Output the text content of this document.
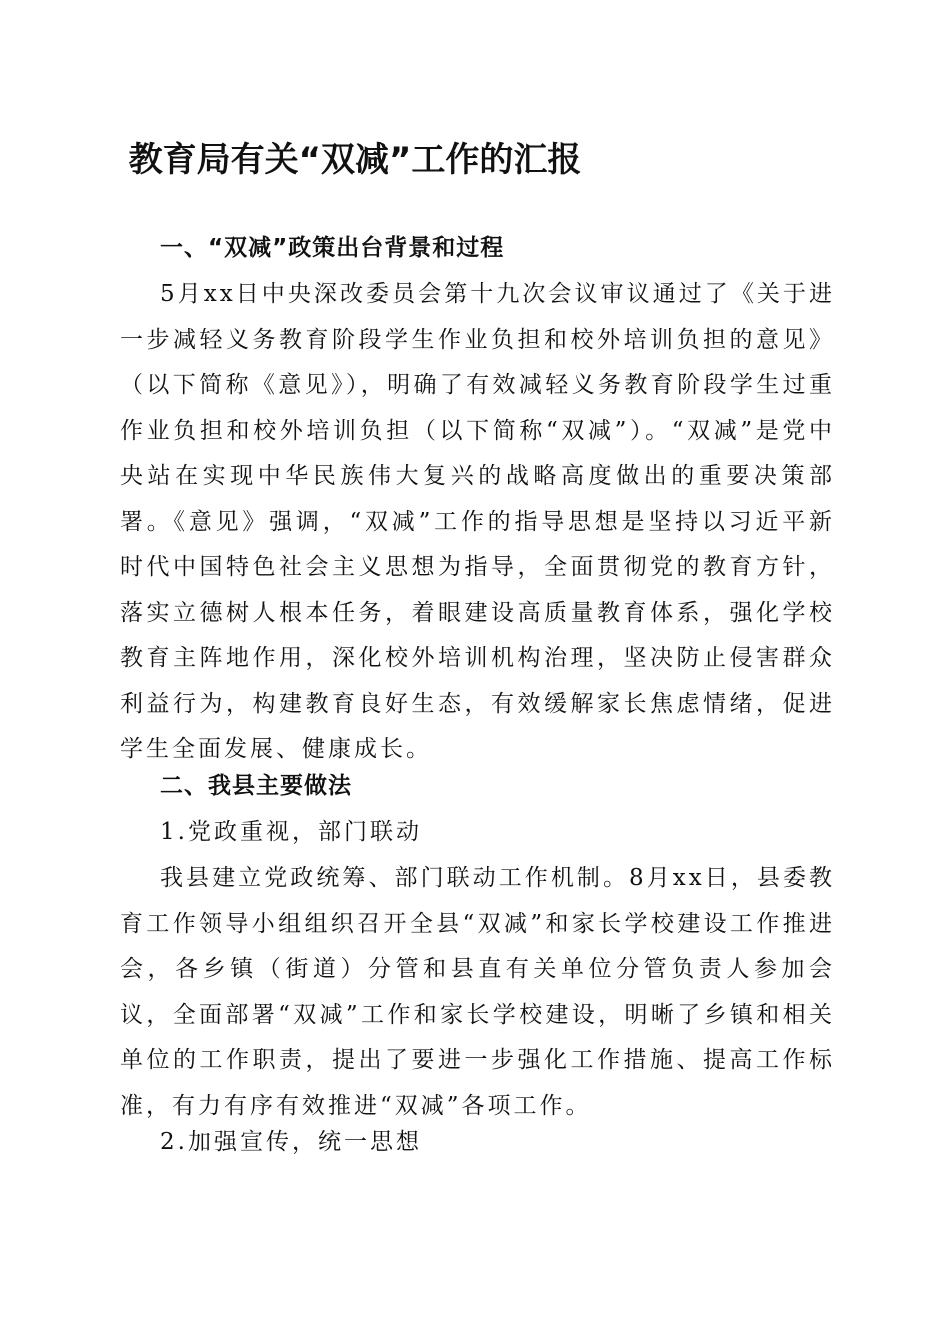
教育局有关“双减”工作的汇报

一、“双减”政策出台背景和过程

5月xx日中央深改委员会第十九次会议审议通过了《关于进一步减轻义务教育阶段学生作业负担和校外培训负担的意见》（以下简称《意见》），明确了有效减轻义务教育阶段学生过重作业负担和校外培训负担（以下简称“双减”）。“双减”是党中央站在实现中华民族伟大复兴的战略高度做出的重要决策部署。《意见》强调，“双减”工作的指导思想是坚持以习近平新时代中国特色社会主义思想为指导，全面贯彻党的教育方针，落实立德树人根本任务，着眼建设高质量教育体系，强化学校教育主阵地作用，深化校外培训机构治理，坚决防止侵害群众利益行为，构建教育良好生态，有效缓解家长焦虑情绪，促进学生全面发展、健康成长。

二、我县主要做法

1.党政重视，部门联动

我县建立党政统筹、部门联动工作机制。8月xx日，县委教育工作领导小组组织召开全县“双减”和家长学校建设工作推进会，各乡镇（街道）分管和县直有关单位分管负责人参加会议，全面部署“双减”工作和家长学校建设，明晰了乡镇和相关单位的工作职责，提出了要进一步强化工作措施、提高工作标准，有力有序有效推进“双减”各项工作。

2.加强宣传，统一思想
